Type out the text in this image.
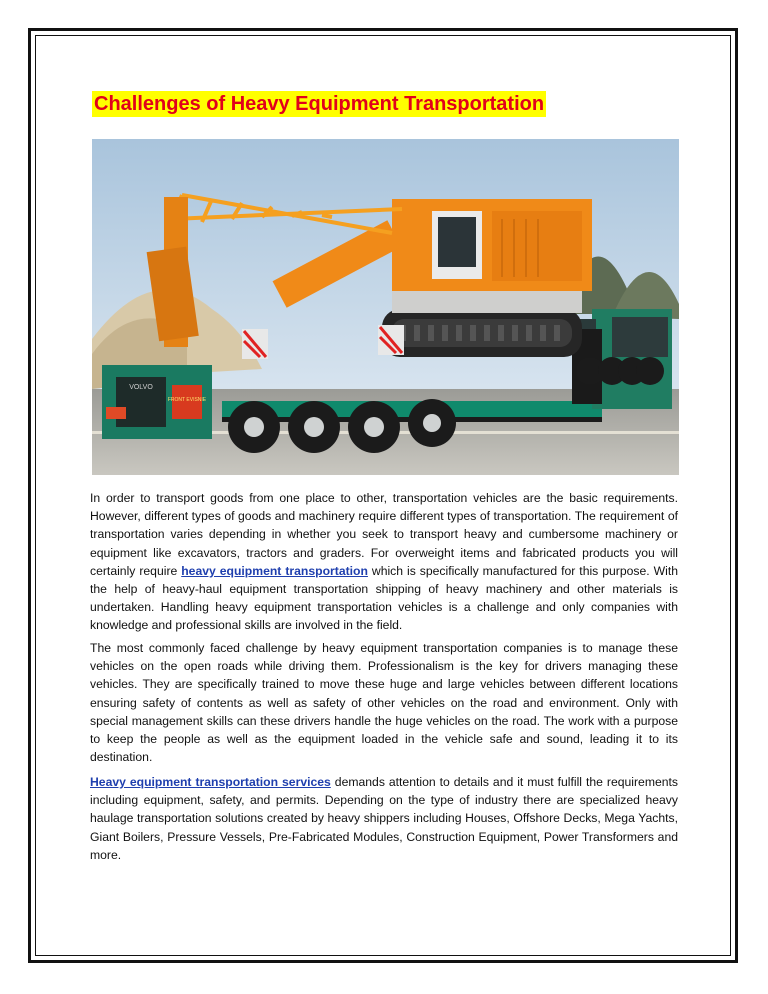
Challenges of Heavy Equipment Transportation
VOLVO
FRONT EVISNIE
In order to transport goods from one place to other, transportation vehicles are the basic requirements. However, different types of goods and machinery require different types of transportation. The requirement of transportation varies depending in whether you seek to transport heavy and cumbersome machinery or equipment like excavators, tractors and graders. For overweight items and fabricated products you will certainly require heavy equipment transportation which is specifically manufactured for this purpose. With the help of heavy-haul equipment transportation shipping of heavy machinery and other materials is undertaken. Handling heavy equipment transportation vehicles is a challenge and only companies with knowledge and professional skills are involved in the field.
The most commonly faced challenge by heavy equipment transportation companies is to manage these vehicles on the open roads while driving them. Professionalism is the key for drivers managing these vehicles. They are specifically trained to move these huge and large vehicles between different locations ensuring safety of contents as well as safety of other vehicles on the road and environment. Only with special management skills can these drivers handle the huge vehicles on the road. The work with a purpose to keep the people as well as the equipment loaded in the vehicle safe and sound, leading it to its destination.
Heavy equipment transportation services demands attention to details and it must fulfill the requirements including equipment, safety, and permits. Depending on the type of industry there are specialized heavy haulage transportation solutions created by heavy shippers including Houses, Offshore Decks, Mega Yachts, Giant Boilers, Pressure Vessels, Pre-Fabricated Modules, Construction Equipment, Power Transformers and more.
